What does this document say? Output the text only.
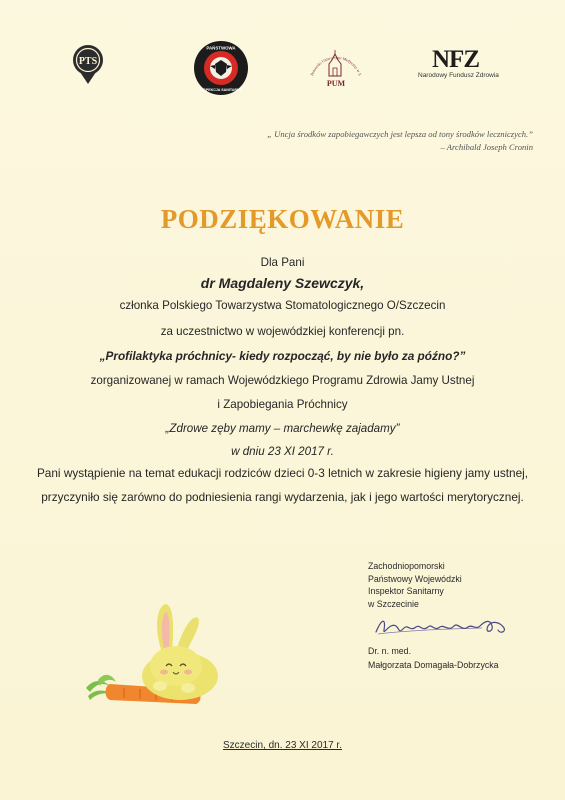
PTS
PAŃSTWOWA
INSPEKCJA SANITARNA
Pomorski Uniwersytet Medyczny w S
PUM
NFZ
Narodowy Fundusz Zdrowia
„ Uncja środków zapobiegawczych jest lepsza od tony środków leczniczych.”
– Archibald Joseph Cronin
PODZIĘKOWANIE
Dla Pani
dr Magdaleny Szewczyk,
członka Polskiego Towarzystwa Stomatologicznego O/Szczecin
za uczestnictwo w wojewódzkiej konferencji pn.
„Profilaktyka próchnicy- kiedy rozpocząć, by nie było za późno?”
zorganizowanej w ramach Wojewódzkiego Programu Zdrowia Jamy Ustnej
i Zapobiegania Próchnicy
„Zdrowe zęby mamy – marchewkę zajadamy”
w dniu 23 XI 2017 r.
Pani wystąpienie na temat edukacji rodziców dzieci 0-3 letnich w zakresie higieny jamy ustnej,
przyczyniło się zarówno do podniesienia rangi wydarzenia, jak i jego wartości merytorycznej.
Zachodniopomorski
Państwowy Wojewódzki
Inspektor Sanitarny
w Szczecinie
Dr. n. med.
Małgorzata Domagała-Dobrzycka
Szczecin, dn. 23 XI 2017 r.
